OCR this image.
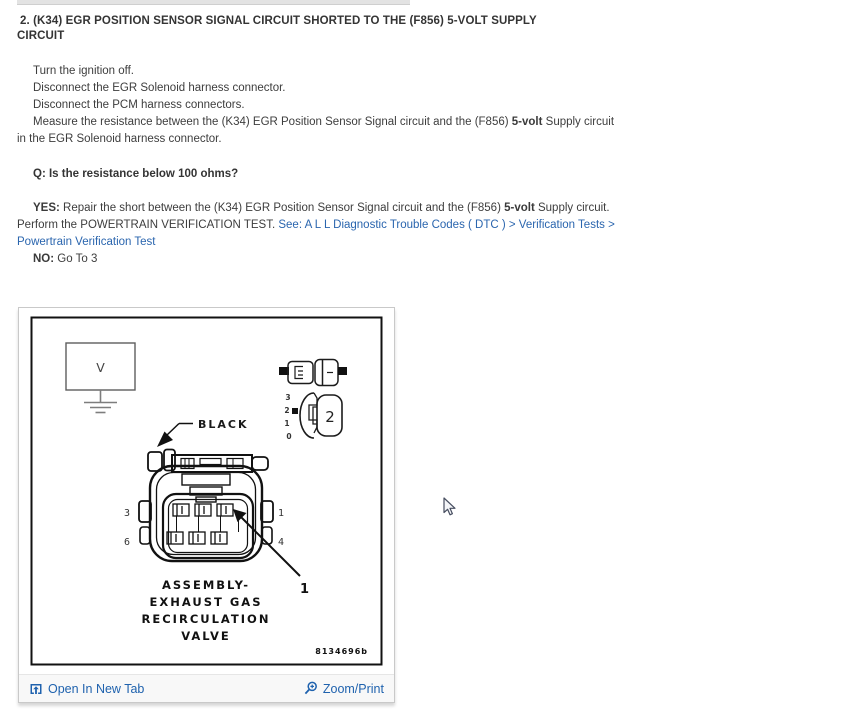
2. (K34) EGR POSITION SENSOR SIGNAL CIRCUIT SHORTED TO THE (F856) 5-VOLT SUPPLY CIRCUIT

Turn the ignition off.

Disconnect the EGR Solenoid harness connector.

Disconnect the PCM harness connectors.

Measure the resistance between the (K34) EGR Position Sensor Signal circuit and the (F856) 5-volt Supply circuit in the EGR Solenoid harness connector.

Q: Is the resistance below 100 ohms?

YES: Repair the short between the (K34) EGR Position Sensor Signal circuit and the (F856) 5-volt Supply circuit. Perform the POWERTRAIN VERIFICATION TEST. See: A L L Diagnostic Trouble Codes ( DTC ) > Verification Tests > Powertrain Verification Test

NO: Go To 3

V
3
2
1
0
2
BLACK
3
6
1
4
1
ASSEMBLY-
EXHAUST GAS
RECIRCULATION
VALVE
8134696b
Open In New Tab	Zoom/Print
